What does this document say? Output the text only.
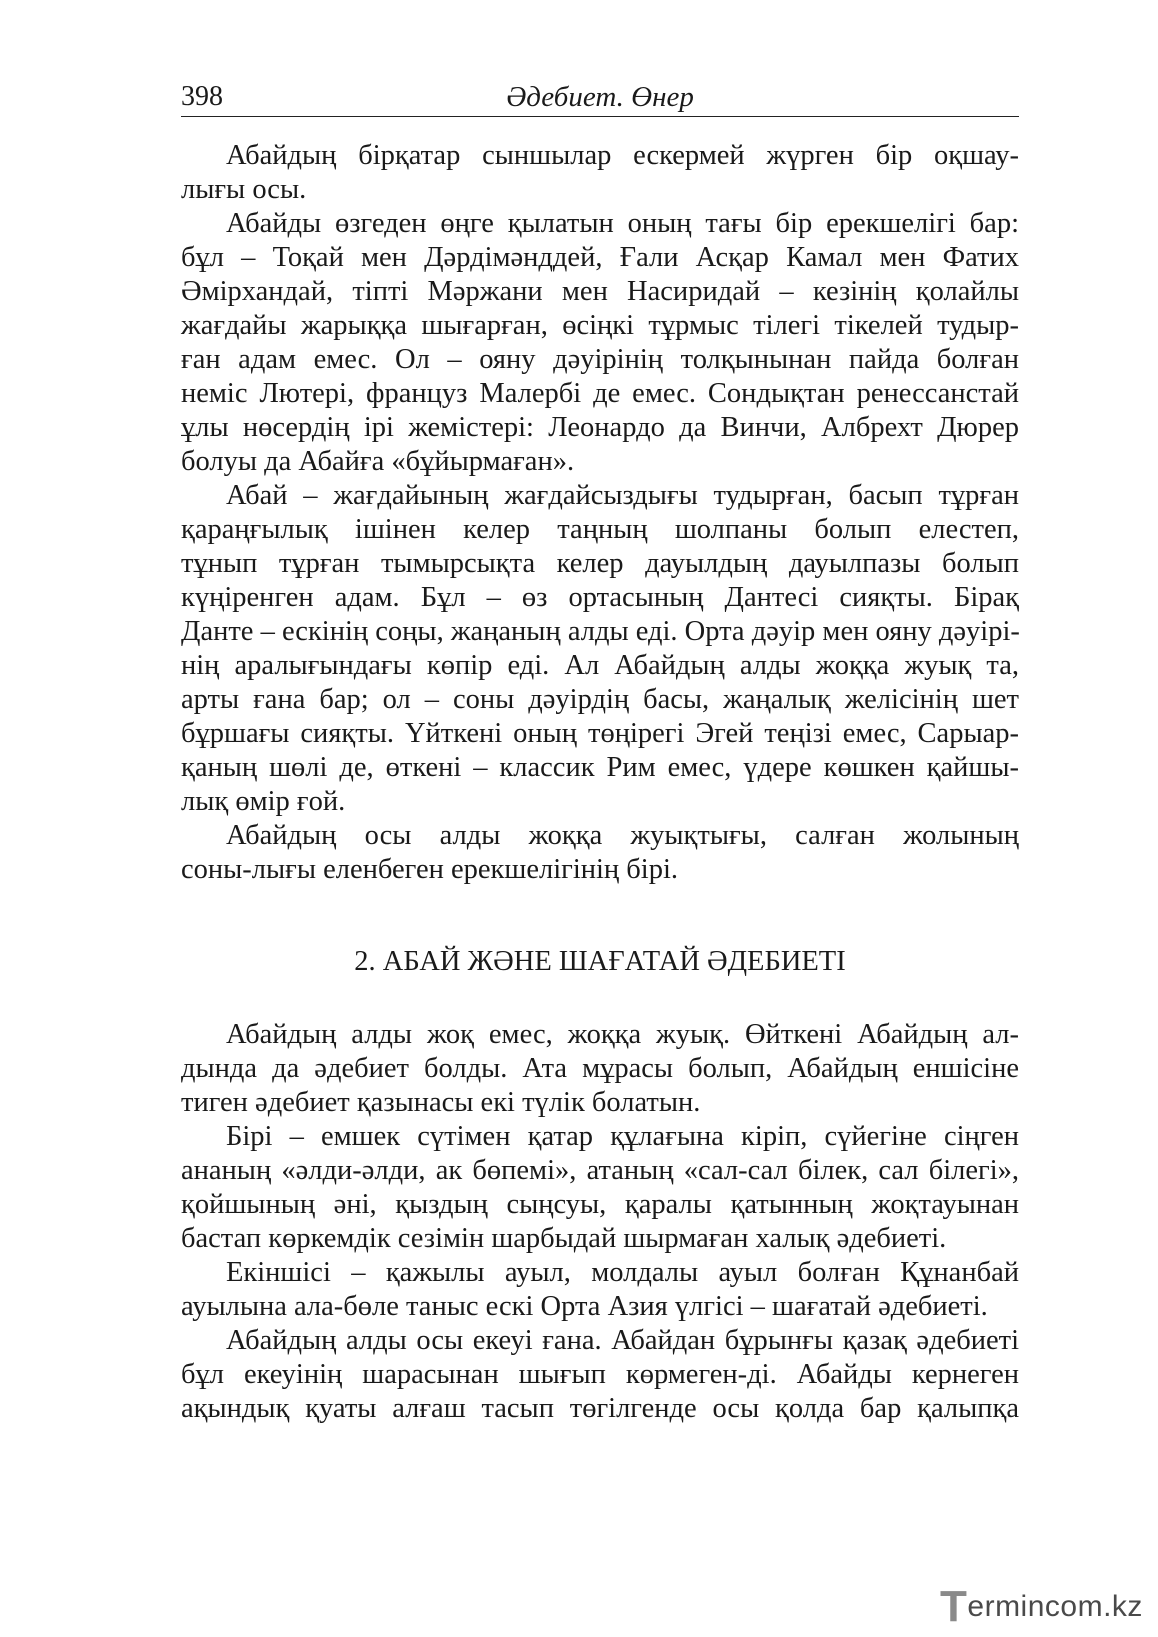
398	Әдебиет. Өнер
Абайдың бірқатар сыншылар ескермей жүрген бір оқшау-
лығы осы.
Абайды өзгеден өңге қылатын оның тағы бір ерекшелігі бар:
бұл – Тоқай мен Дәрдімәнддей, Ғали Асқар Камал мен Фатих
Әмірхандай, тіпті Мәржани мен Насиридай – кезінің қолайлы
жағдайы жарыққа шығарған, өсіңкі тұрмыс тілегі тікелей тудыр-
ған адам емес. Ол – ояну дәуірінің толқынынан пайда болған
неміс Лютері, француз Малербі де емес. Сондықтан ренессанстай
ұлы нөсердің ірі жемістері: Леонардо да Винчи, Албрехт Дюрер
болуы да Абайға «бұйырмаған».
Абай – жағдайының жағдайсыздығы тудырған, басып тұрған
қараңғылық ішінен келер таңның шолпаны болып елестеп,
тұнып тұрған тымырсықта келер дауылдың дауылпазы болып
күңіренген адам. Бұл – өз ортасының Дантесі сияқты. Бірақ
Данте – ескінің соңы, жаңаның алды еді. Орта дәуір мен ояну дәуірі-
нің аралығындағы көпір еді. Ал Абайдың алды жоққа жуық та,
арты ғана бар; ол – соны дәуірдің басы, жаңалық желісінің шет
бұршағы сияқты. Үйткені оның төңірегі Эгей теңізі емес, Сарыар-
қаның шөлі де, өткені – классик Рим емес, үдере көшкен қайшы-
лық өмір ғой.
Абайдың осы алды жоққа жуықтығы, салған жолының
соны-лығы еленбеген ерекшелігінің бірі.
2. АБАЙ ЖӘНЕ ШАҒАТАЙ ӘДЕБИЕТІ
Абайдың алды жоқ емес, жоққа жуық. Өйткені Абайдың ал-
дында да әдебиет болды. Ата мұрасы болып, Абайдың еншісіне
тиген әдебиет қазынасы екі түлік болатын.
Бірі – емшек сүтімен қатар құлағына кіріп, сүйегіне сіңген
ананың «әлди-әлди, ак бөпемі», атаның «сал-сал білек, сал білегі»,
қойшының әні, қыздың сыңсуы, қаралы қатынның жоқтауынан
бастап көркемдік сезімін шарбыдай шырмаған халық әдебиеті.
Екіншісі – қажылы ауыл, молдалы ауыл болған Құнанбай
ауылына ала-бөле таныс ескі Орта Азия үлгісі – шағатай әдебиеті.
Абайдың алды осы екеуі ғана. Абайдан бұрынғы қазақ әдебиеті
бұл екеуінің шарасынан шығып көрмеген-ді. Абайды кернеген
ақындық қуаты алғаш тасып төгілгенде осы қолда бар қалыпқа
Termincоm.kz
